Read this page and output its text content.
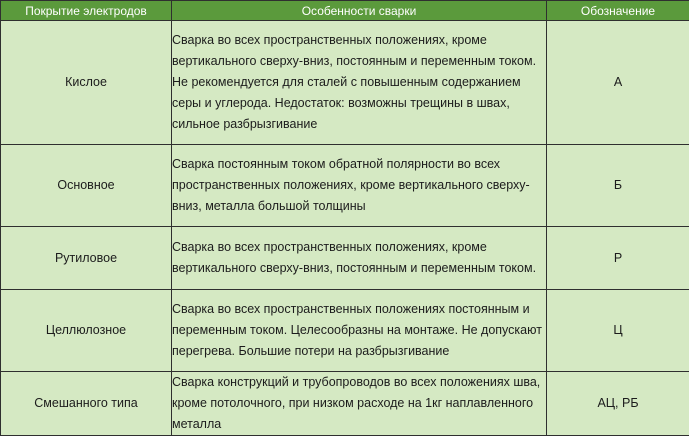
Покрытие электродов	Особенности сварки	Обозначение
Кислое	Сварка во всех пространственных положениях, кроме вертикального сверху-вниз, постоянным и переменным током. Не рекомендуется для сталей с повышенным содержанием серы и углерода. Недостаток: возможны трещины в швах, сильное разбрызгивание	А
Основное	Сварка постоянным током обратной полярности во всех пространственных положениях, кроме вертикального сверху-вниз, металла большой толщины	Б
Рутиловое	Сварка во всех пространственных положениях, кроме вертикального сверху-вниз, постоянным и переменным током.	Р
Целлюлозное	Сварка во всех пространственных положениях постоянным и переменным током. Целесообразны на монтаже. Не допускают перегрева. Большие потери на разбрызгивание	Ц
Смешанного типа	Сварка конструкций и трубопроводов во всех положениях шва, кроме потолочного, при низком расходе на 1кг наплавленного металла	АЦ, РБ
